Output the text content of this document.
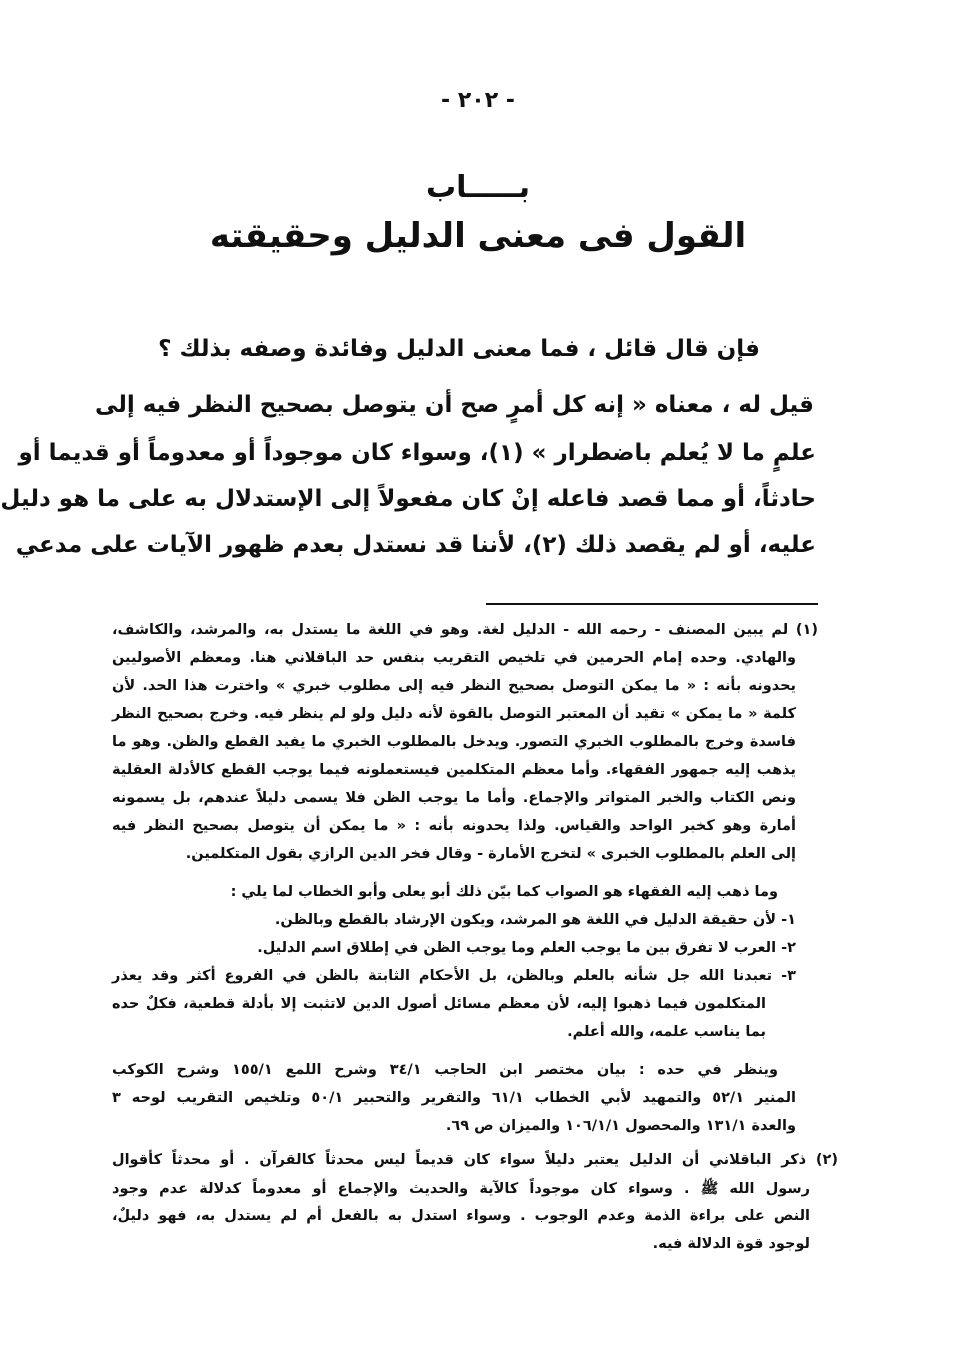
- ٢٠٢ -
بـــــاب
القول فى معنى الدليل وحقيقته
فإن قال قائل ، فما معنى الدليل وفائدة وصفه بذلك ؟
قيل له ، معناه « إنه كل أمرٍ صح أن يتوصل بصحيح النظر فيه إلى
علمٍ ما لا يُعلم باضطرار » (١)، وسواء كان موجوداً أو معدوماً أو قديما أو
حادثاً، أو مما قصد فاعله إنْ كان مفعولاً إلى الإستدلال به على ما هو دليل
عليه، أو لم يقصد ذلك (٢)، لأننا قد نستدل بعدم ظهور الآيات على مدعي
(١) لم يبين المصنف - رحمه الله - الدليل لغة. وهو في اللغة ما يستدل به، والمرشد، والكاشف،
والهادي. وحده إمام الحرمين في تلخيص التقريب بنفس حد الباقلاني هنا. ومعظم الأصوليين
يحدونه بأنه : « ما يمكن التوصل بصحيح النظر فيه إلى مطلوب خبري » واخترت هذا الحد. لأن
كلمة « ما يمكن » تقيد أن المعتبر التوصل بالقوة لأنه دليل ولو لم ينظر فيه. وخرج بصحيح النظر
فاسدة وخرج بالمطلوب الخبري التصور. ويدخل بالمطلوب الخبري ما يفيد القطع والظن. وهو ما
يذهب إليه جمهور الفقهاء. وأما معظم المتكلمين فيستعملونه فيما يوجب القطع كالأدلة العقلية
ونص الكتاب والخبر المتواتر والإجماع. وأما ما يوجب الظن فلا يسمى دليلاً عندهم، بل يسمونه
أمارة وهو كخبر الواحد والقياس. ولذا يحدونه بأنه : « ما يمكن أن يتوصل بصحيح النظر فيه
إلى العلم بالمطلوب الخبرى » لتخرج الأمارة - وقال فخر الدين الرازي بقول المتكلمين.
وما ذهب إليه الفقهاء هو الصواب كما بيّن ذلك أبو يعلى وأبو الخطاب لما يلي :
١- لأن حقيقة الدليل في اللغة هو المرشد، ويكون الإرشاد بالقطع وبالظن.
٢- العرب لا تفرق بين ما يوجب العلم وما يوجب الظن في إطلاق اسم الدليل.
٣- تعبدنا الله جل شأنه بالعلم وبالظن، بل الأحكام الثابتة بالظن في الفروع أكثر وقد يعذر
المتكلمون فيما ذهبوا إليه، لأن معظم مسائل أصول الدين لاتثبت إلا بأدلة قطعية، فكلٌ حده
بما يناسب علمه، والله أعلم.
وينظر في حده : بيان مختصر ابن الحاجب ٣٤/١ وشرح اللمع ١٥٥/١ وشرح الكوكب
المنير ٥٢/١ والتمهيد لأبي الخطاب ٦١/١ والتقرير والتحبير ٥٠/١ وتلخيص التقريب لوحه ٣
والعدة ١٣١/١ والمحصول ١٠٦/١/١ والميزان ص ٦٩.
(٢) ذكر الباقلاني أن الدليل يعتبر دليلاً سواء كان قديماً ليس محدثاً كالقرآن . أو محدثاً كأقوال
رسول الله ﷺ . وسواء كان موجوداً كالآية والحديث والإجماع أو معدوماً كدلالة عدم وجود
النص على براءة الذمة وعدم الوجوب . وسواء استدل به بالفعل أم لم يستدل به، فهو دليلٌ،
لوجود قوة الدلالة فيه.
